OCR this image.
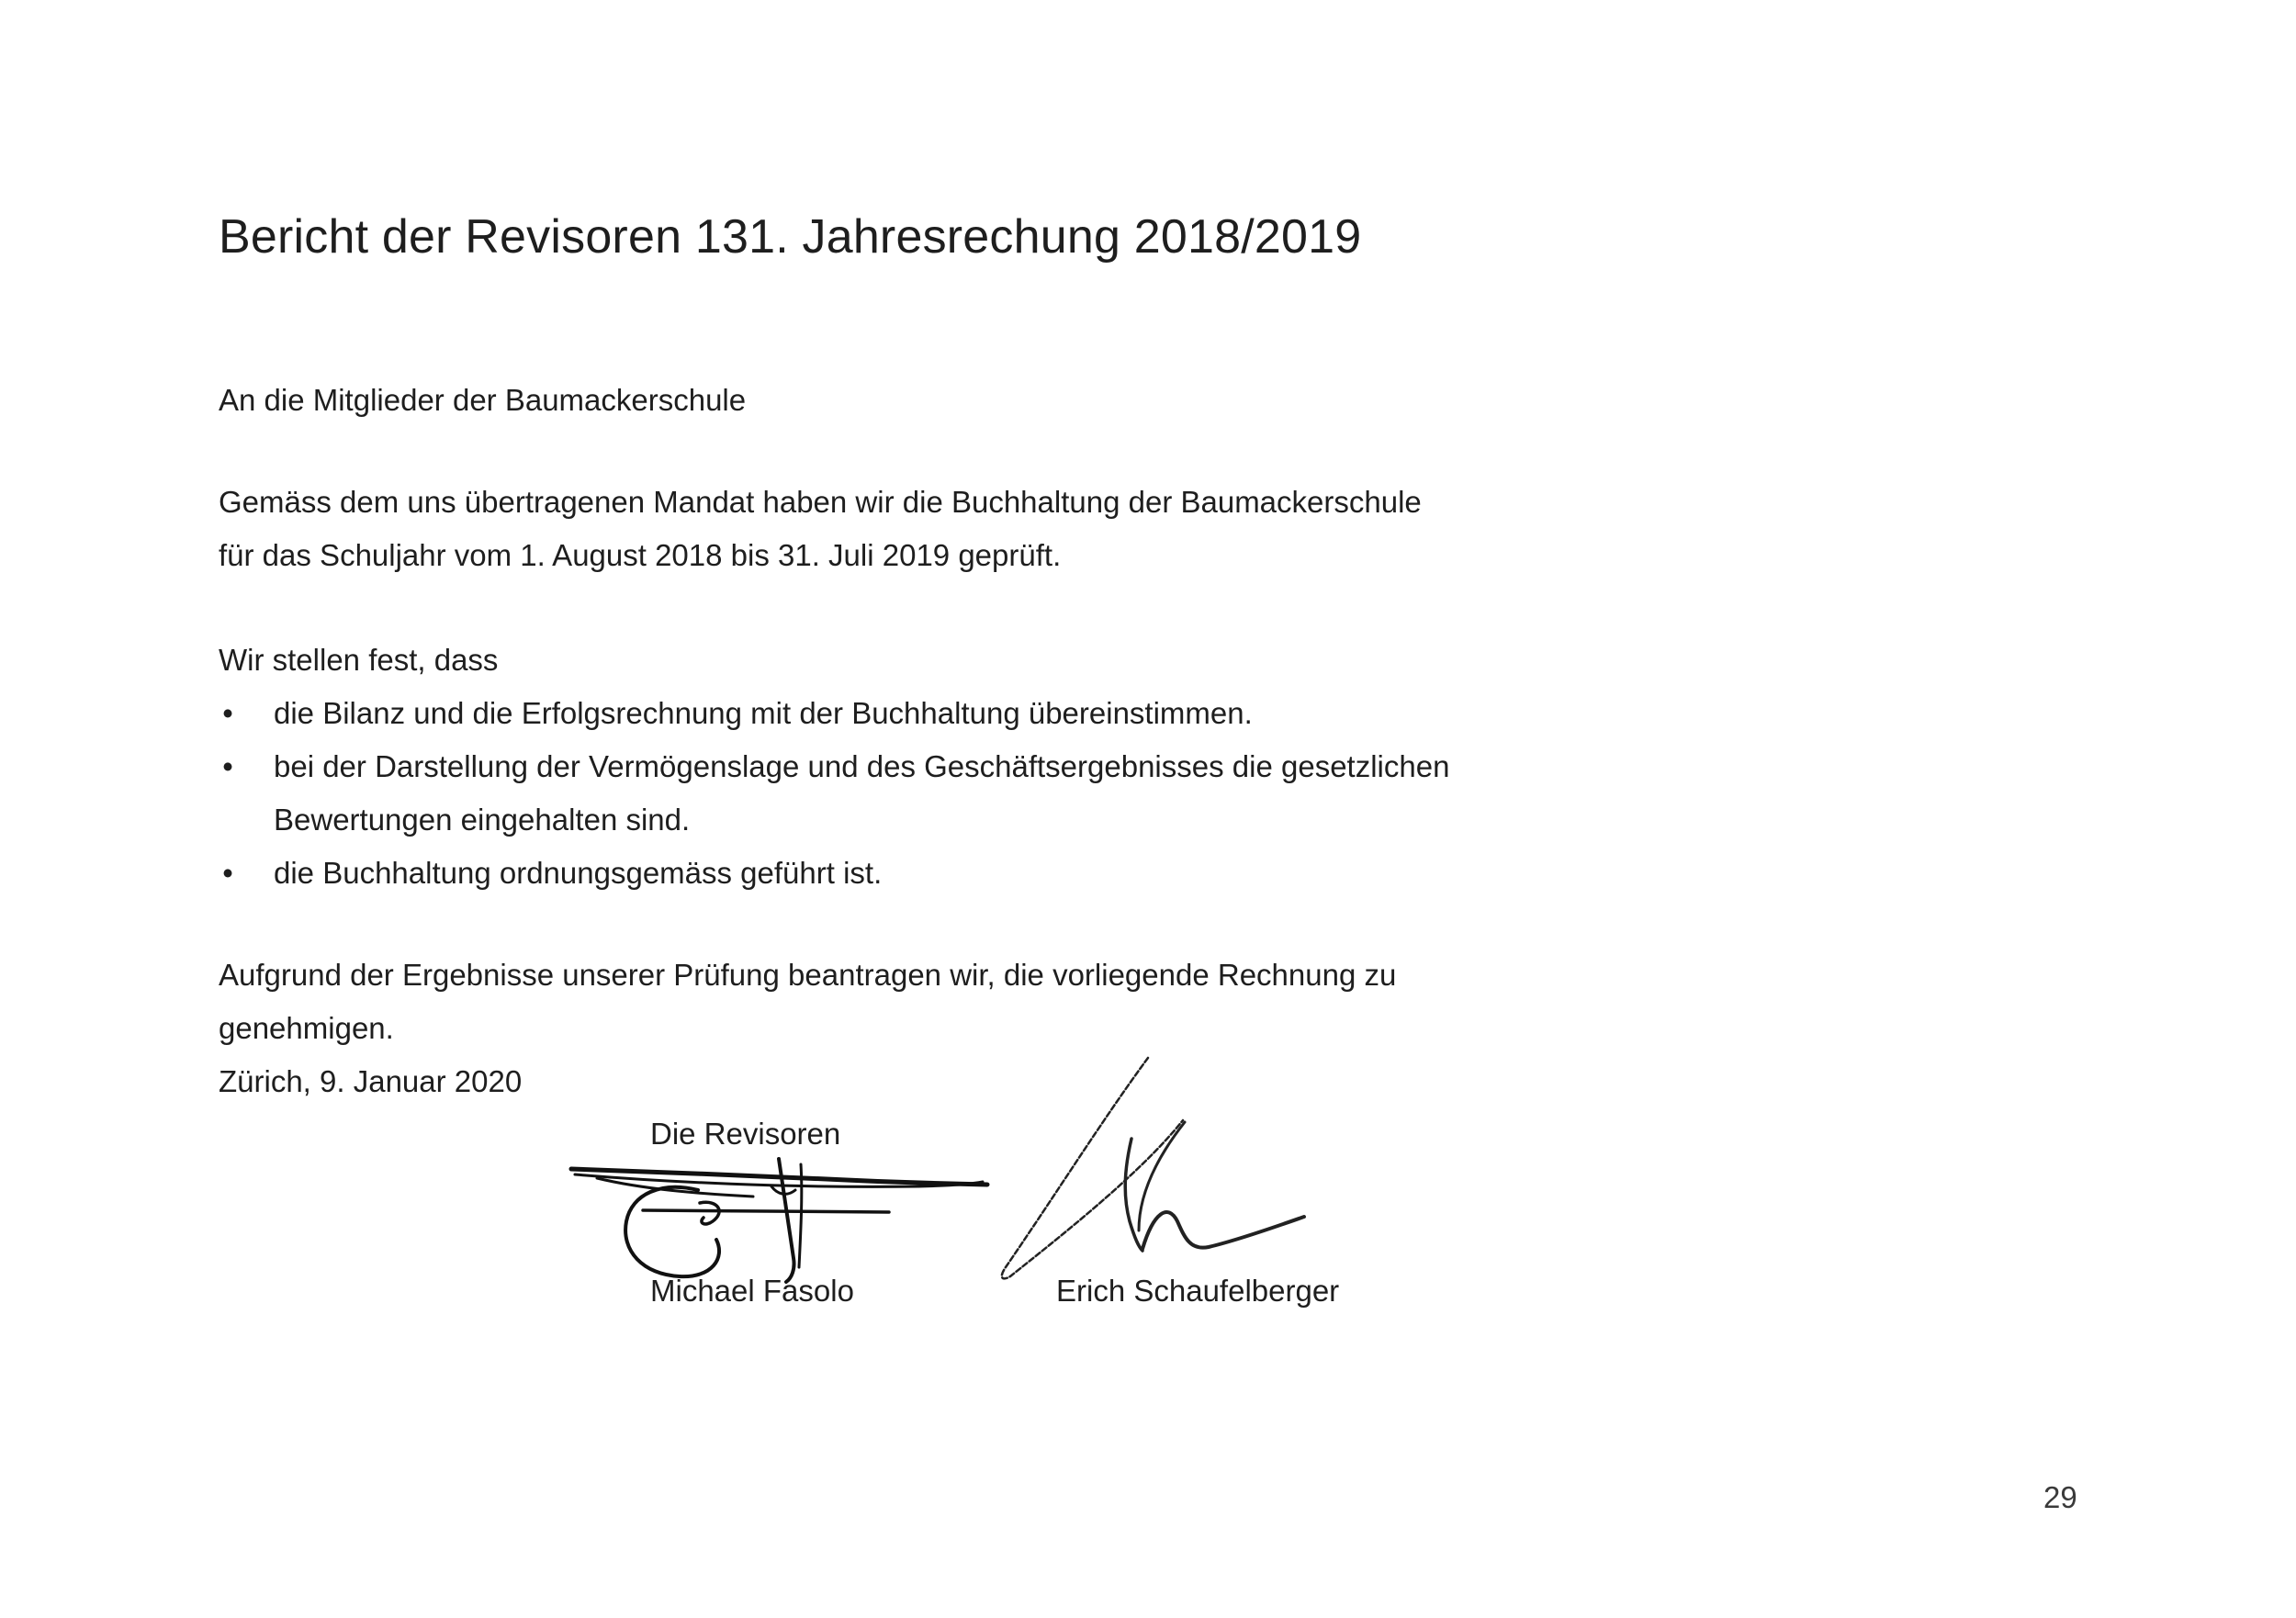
Bericht der Revisoren 131. Jahresrechung 2018/2019

An die Mitglieder der Baumackerschule

Gemäss dem uns übertragenen Mandat haben wir die Buchhaltung der Baumackerschule
für das Schuljahr vom 1. August 2018 bis 31. Juli 2019 geprüft.

Wir stellen fest, dass

• die Bilanz und die Erfolgsrechnung mit der Buchhaltung übereinstimmen.
• bei der Darstellung der Vermögenslage und des Geschäftsergebnisses die gesetzlichen
Bewertungen eingehalten sind.
• die Buchhaltung ordnungsgemäss geführt ist.

Aufgrund der Ergebnisse unserer Prüfung beantragen wir, die vorliegende Rechnung zu
genehmigen.

Zürich, 9. Januar 2020

Die Revisoren
Michael Fasolo	Erich Schaufelberger
29
